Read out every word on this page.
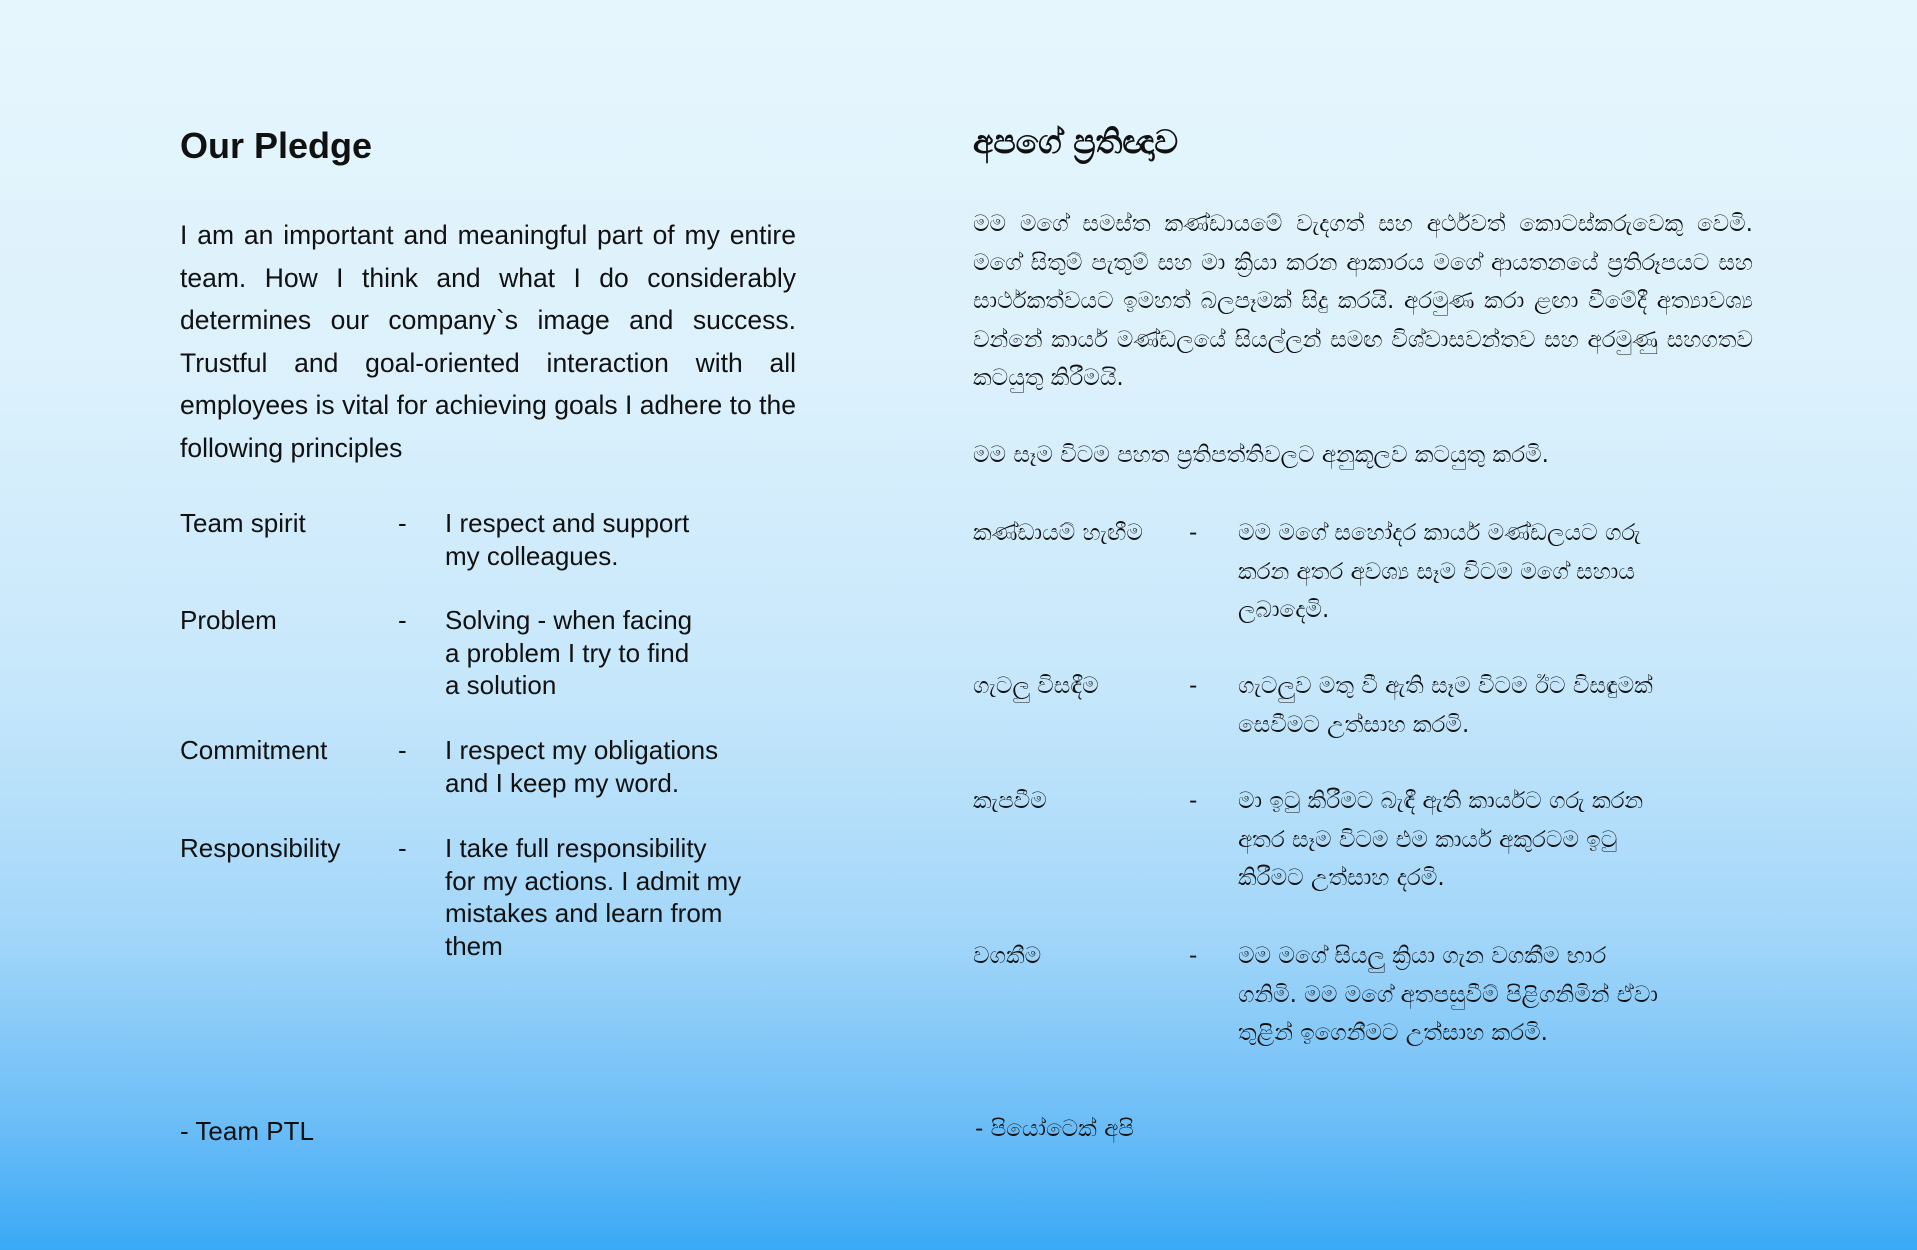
Our Pledge

I am an important and meaningful part of my entire team. How I think and what I do considerably determines our company`s image and success. Trustful and goal-oriented interaction with all employees is vital for achieving goals I adhere to the following principles

Team spirit	-	I respect and support
my colleagues.
Problem	-	Solving - when facing
a problem I try to find
a solution
Commitment	-	I respect my obligations
and I keep my word.
Responsibility	-	I take full responsibility
for my actions. I admit my
mistakes and learn from
them

- Team PTL

අපගේ ප්‍රතිඥාව

මම මගේ සමස්ත කණ්ඩායමේ වැදගත් සහ අර්ථවත් කොටස්කරුවෙකු වෙමි. මගේ සිතුම් පැතුම් සහ මා ක්‍රියා කරන ආකාරය මගේ ආයතනයේ ප්‍රතිරූපයට සහ සාර්ථකත්වයට ඉමහත් බලපෑමක් සිදු කරයි. අරමුණ කරා ළඟා වීමේදී අත්‍යාවශ්‍ය වන්නේ කාර්ය මණ්ඩලයේ සියල්ලන් සමඟ විශ්වාසවන්තව සහ අරමුණු සහගතව කටයුතු කිරීමයි.

මම සෑම විටම පහත ප්‍රතිපත්තිවලට අනුකූලව කටයුතු කරමි.

කණ්ඩායම් හැඟීම	-	මම මගේ සහෝදර කාර්ය මණ්ඩලයට ගරු
කරන අතර අවශ්‍ය සෑම විටම මගේ සහාය
ලබාදෙමි.
ගැටලු විසඳීම	-	ගැටලුව මතු වී ඇති සෑම විටම ඊට විසඳුමක්
සෙවීමට උත්සාහ කරමි.
කැපවීම	-	මා ඉටු කිරීමට බැඳී ඇති කාර්යට ගරු කරන
අතර සෑම විටම එම කාර්ය අකුරටම ඉටු
කිරීමට උත්සාහ දරමි.
වගකීම	-	මම මගේ සියලු ක්‍රියා ගැන වගකීම භාර
ගනිමි. මම මගේ අතපසුවීම් පිළිගනිමින් ඒවා
තුළින් ඉගෙනීමට උත්සාහ කරමි.

- පියෝටෙක් අපි
